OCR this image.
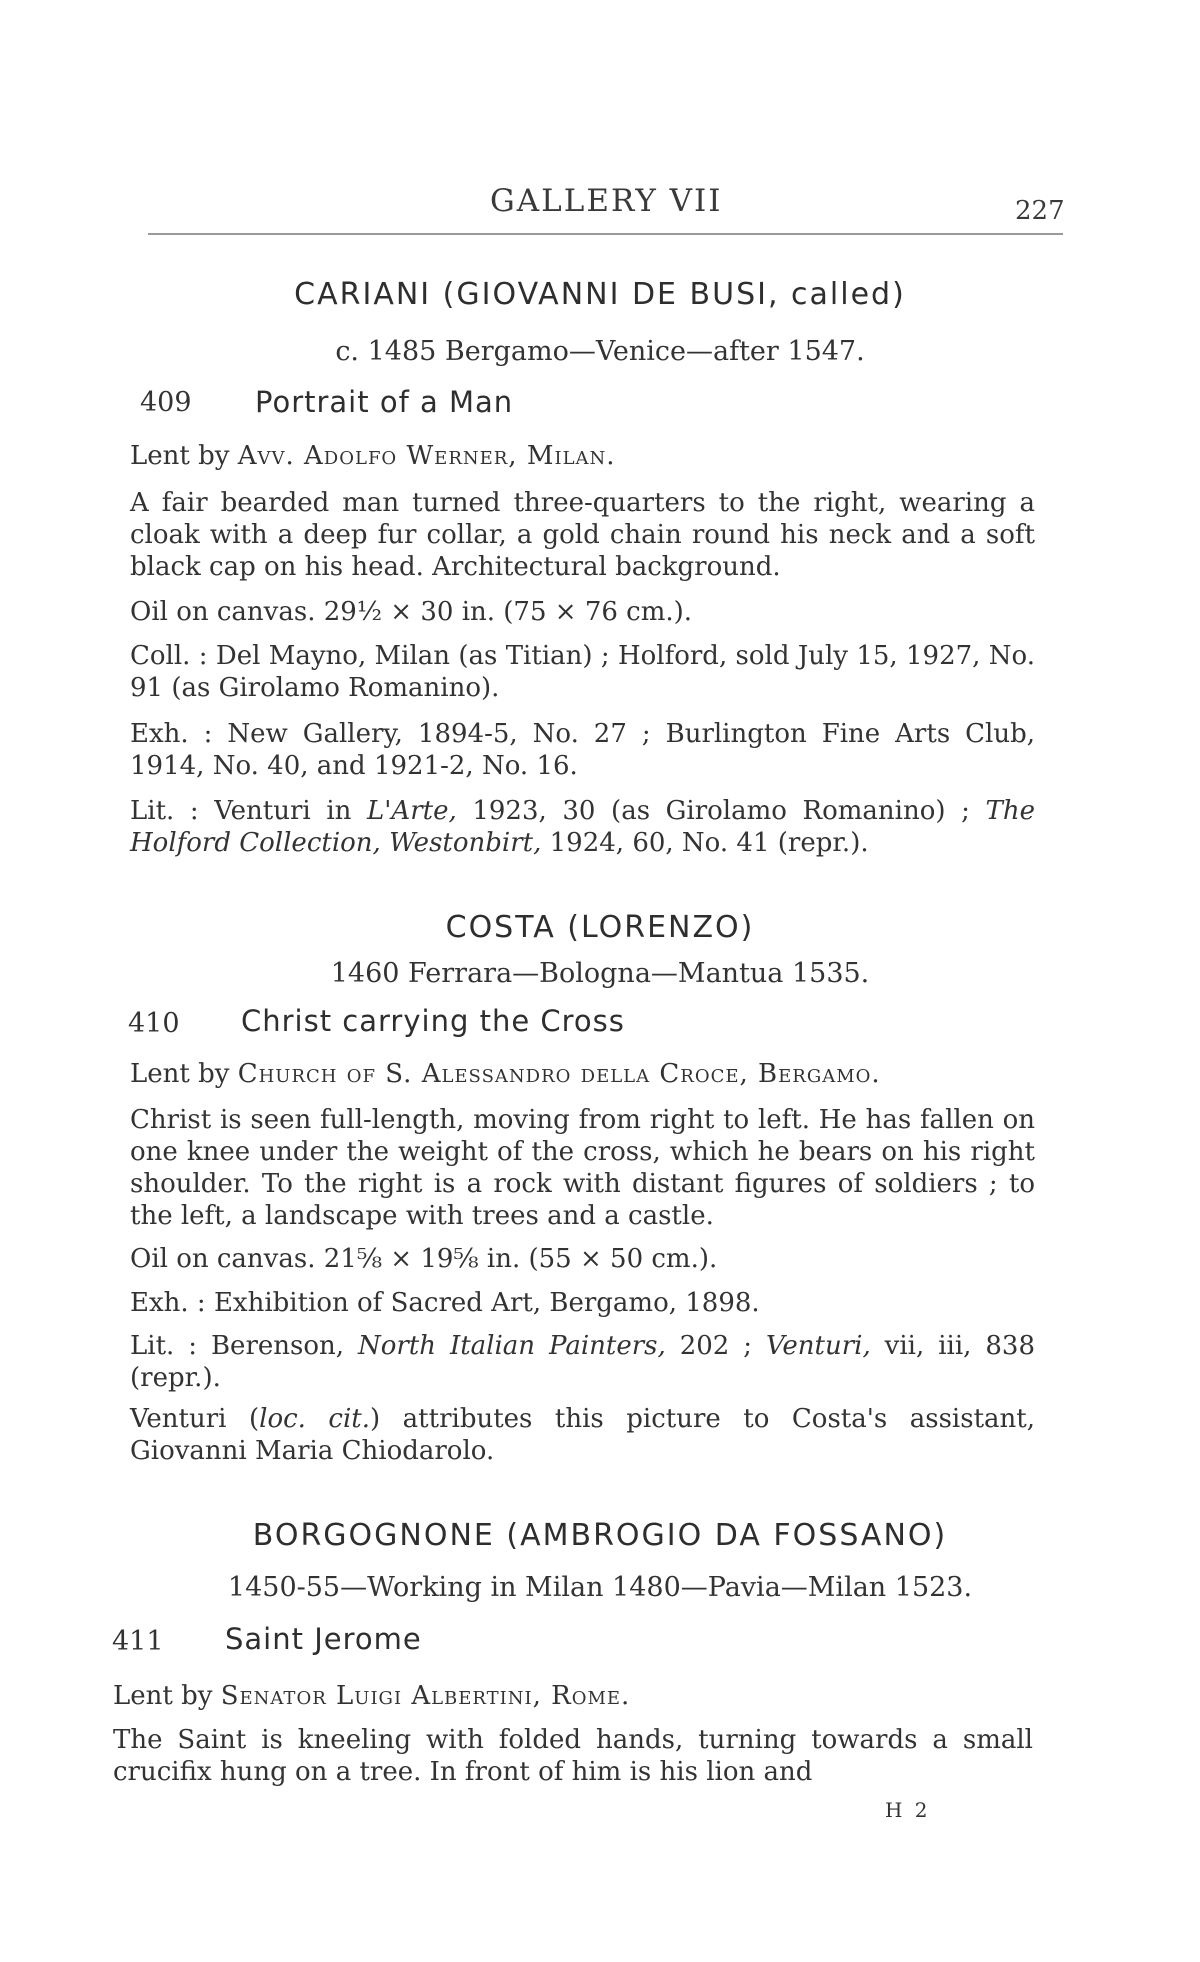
GALLERY VII	227
CARIANI (GIOVANNI DE BUSI, called)
c. 1485 Bergamo—Venice—after 1547.
409 Portrait of a Man
Lent by Avv. Adolfo Werner, Milan.
A fair bearded man turned three-quarters to the right, wearing a cloak with a deep fur collar, a gold chain round his neck and a soft black cap on his head. Architectural background.
Oil on canvas. 29½ × 30 in. (75 × 76 cm.).
Coll. : Del Mayno, Milan (as Titian) ; Holford, sold July 15, 1927, No. 91 (as Girolamo Romanino).
Exh. : New Gallery, 1894-5, No. 27 ; Burlington Fine Arts Club, 1914, No. 40, and 1921-2, No. 16.
Lit. : Venturi in L'Arte, 1923, 30 (as Girolamo Romanino) ; The Holford Collection, Westonbirt, 1924, 60, No. 41 (repr.).
COSTA (LORENZO)
1460 Ferrara—Bologna—Mantua 1535.
410 Christ carrying the Cross
Lent by Church of S. Alessandro della Croce, Bergamo.
Christ is seen full-length, moving from right to left. He has fallen on one knee under the weight of the cross, which he bears on his right shoulder. To the right is a rock with distant figures of soldiers ; to the left, a landscape with trees and a castle.
Oil on canvas. 21⅝ × 19⅝ in. (55 × 50 cm.).
Exh. : Exhibition of Sacred Art, Bergamo, 1898.
Lit. : Berenson, North Italian Painters, 202 ; Venturi, vii, iii, 838 (repr.).
Venturi (loc. cit.) attributes this picture to Costa's assistant, Giovanni Maria Chiodarolo.
BORGOGNONE (AMBROGIO DA FOSSANO)
1450-55—Working in Milan 1480—Pavia—Milan 1523.
411 Saint Jerome
Lent by Senator Luigi Albertini, Rome.
The Saint is kneeling with folded hands, turning towards a small crucifix hung on a tree. In front of him is his lion and
H 2
